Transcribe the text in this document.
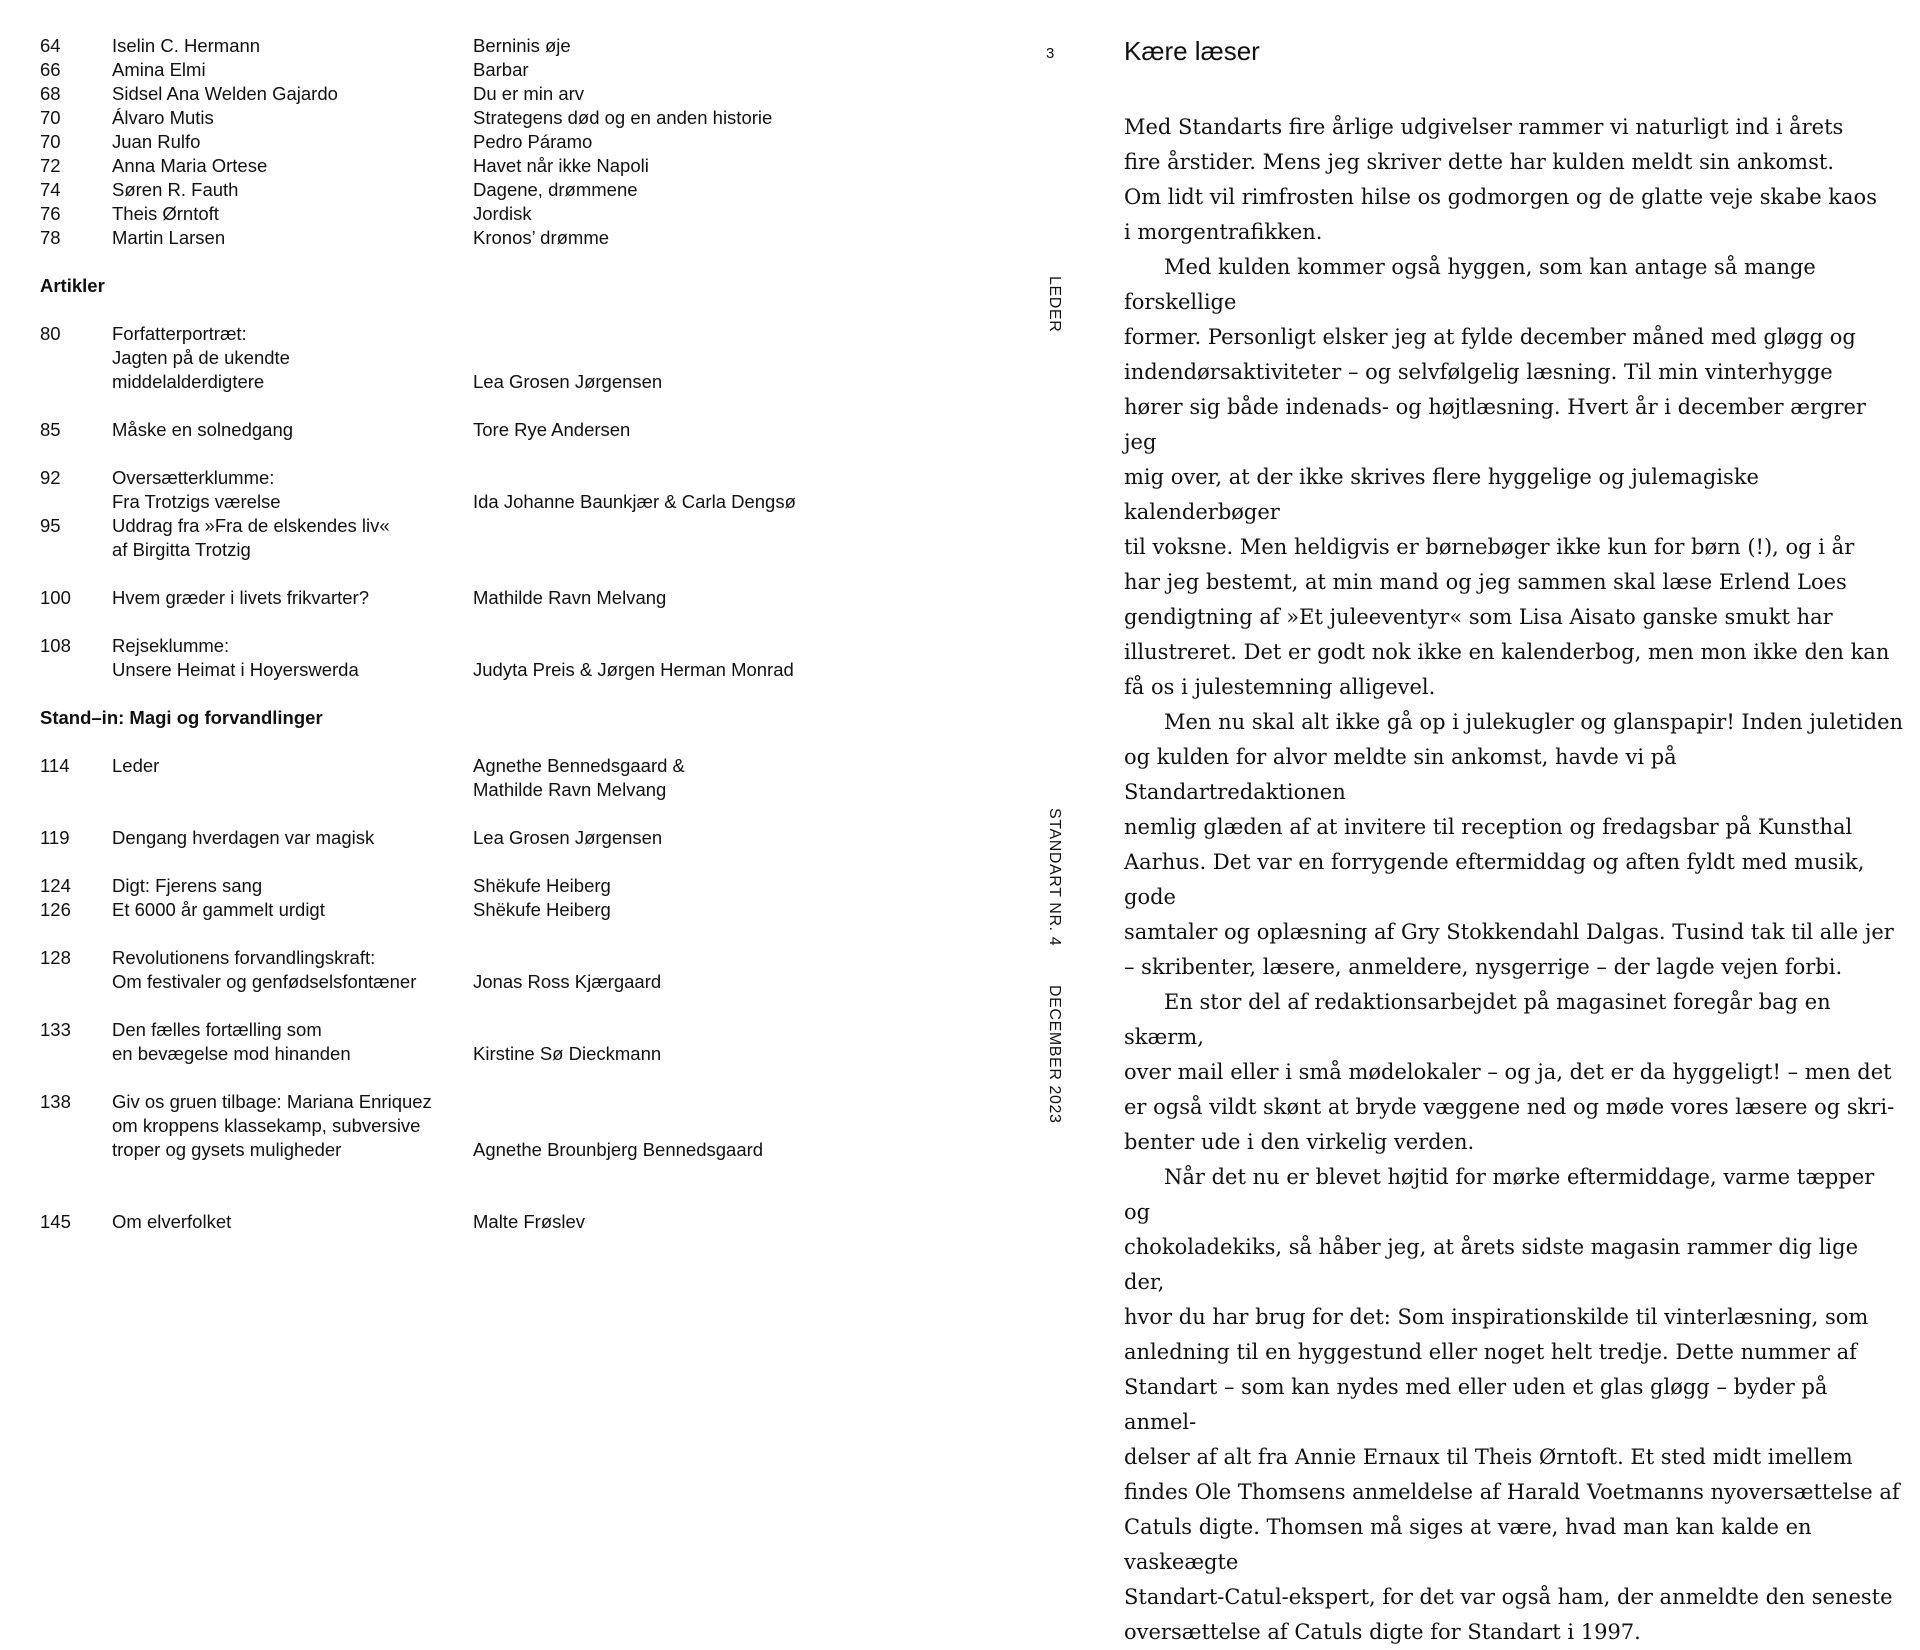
64	Iselin C. Hermann	Berninis øje
66	Amina Elmi	Barbar
68	Sidsel Ana Welden Gajardo	Du er min arv
70	Álvaro Mutis	Strategens død og en anden historie
70	Juan Rulfo	Pedro Páramo
72	Anna Maria Ortese	Havet når ikke Napoli
74	Søren R. Fauth	Dagene, drømmene
76	Theis Ørntoft	Jordisk
78	Martin Larsen	Kronos’ drømme
Artikler
80	Forfatterportræt:
Jagten på de ukendte
middelalderdigtere	Lea Grosen Jørgensen
85	Måske en solnedgang	Tore Rye Andersen
92	Oversætterklumme:
Fra Trotzigs værelse	Ida Johanne Baunkjær & Carla Dengsø
95	Uddrag fra »Fra de elskendes liv«
af Birgitta Trotzig
100	Hvem græder i livets frikvarter?	Mathilde Ravn Melvang
108	Rejseklumme:
Unsere Heimat i Hoyerswerda	Judyta Preis & Jørgen Herman Monrad
Stand–in: Magi og forvandlinger
114	Leder	Agnethe Bennedsgaard &
Mathilde Ravn Melvang
119	Dengang hverdagen var magisk	Lea Grosen Jørgensen
124	Digt: Fjerens sang	Shëkufe Heiberg
126	Et 6000 år gammelt urdigt	Shëkufe Heiberg
128	Revolutionens forvandlingskraft:
Om festivaler og genfødselsfontæner	Jonas Ross Kjærgaard
133	Den fælles fortælling som
en bevægelse mod hinanden	Kirstine Sø Dieckmann
138	Giv os gruen tilbage: Mariana Enriquez
om kroppens klassekamp, subversive
troper og gysets muligheder	Agnethe Brounbjerg Bennedsgaard
145	Om elverfolket	Malte Frøslev
3
LEDER
STANDART NR. 4
DECEMBER 2023
Kære læser

Med Standarts fire årlige udgivelser rammer vi naturligt ind i årets

fire årstider. Mens jeg skriver dette har kulden meldt sin ankomst.

Om lidt vil rimfrosten hilse os godmorgen og de glatte veje skabe kaos

i morgentrafikken.

Med kulden kommer også hyggen, som kan antage så mange forskellige

former. Personligt elsker jeg at fylde december måned med gløgg og

indendørsaktiviteter – og selvfølgelig læsning. Til min vinterhygge

hører sig både indenads- og højtlæsning. Hvert år i december ærgrer jeg

mig over, at der ikke skrives flere hyggelige og julemagiske kalenderbøger

til voksne. Men heldigvis er børnebøger ikke kun for børn (!), og i år

har jeg bestemt, at min mand og jeg sammen skal læse Erlend Loes

gendigtning af »Et juleeventyr« som Lisa Aisato ganske smukt har

illustreret. Det er godt nok ikke en kalenderbog, men mon ikke den kan

få os i julestemning alligevel.

Men nu skal alt ikke gå op i julekugler og glanspapir! Inden juletiden

og kulden for alvor meldte sin ankomst, havde vi på Standartredaktionen

nemlig glæden af at invitere til reception og fredagsbar på Kunsthal

Aarhus. Det var en forrygende eftermiddag og aften fyldt med musik, gode

samtaler og oplæsning af Gry Stokkendahl Dalgas. Tusind tak til alle jer

– skribenter, læsere, anmeldere, nysgerrige – der lagde vejen forbi.

En stor del af redaktionsarbejdet på magasinet foregår bag en skærm,

over mail eller i små mødelokaler – og ja, det er da hyggeligt! – men det

er også vildt skønt at bryde væggene ned og møde vores læsere og skri-

benter ude i den virkelig verden.

Når det nu er blevet højtid for mørke eftermiddage, varme tæpper og

chokoladekiks, så håber jeg, at årets sidste magasin rammer dig lige der,

hvor du har brug for det: Som inspirationskilde til vinterlæsning, som

anledning til en hyggestund eller noget helt tredje. Dette nummer af

Standart – som kan nydes med eller uden et glas gløgg – byder på anmel-

delser af alt fra Annie Ernaux til Theis Ørntoft. Et sted midt imellem

findes Ole Thomsens anmeldelse af Harald Voetmanns nyoversættelse af

Catuls digte. Thomsen må siges at være, hvad man kan kalde en vaskeægte

Standart-Catul-ekspert, for det var også ham, der anmeldte den seneste

oversættelse af Catuls digte for Standart i 1997.
